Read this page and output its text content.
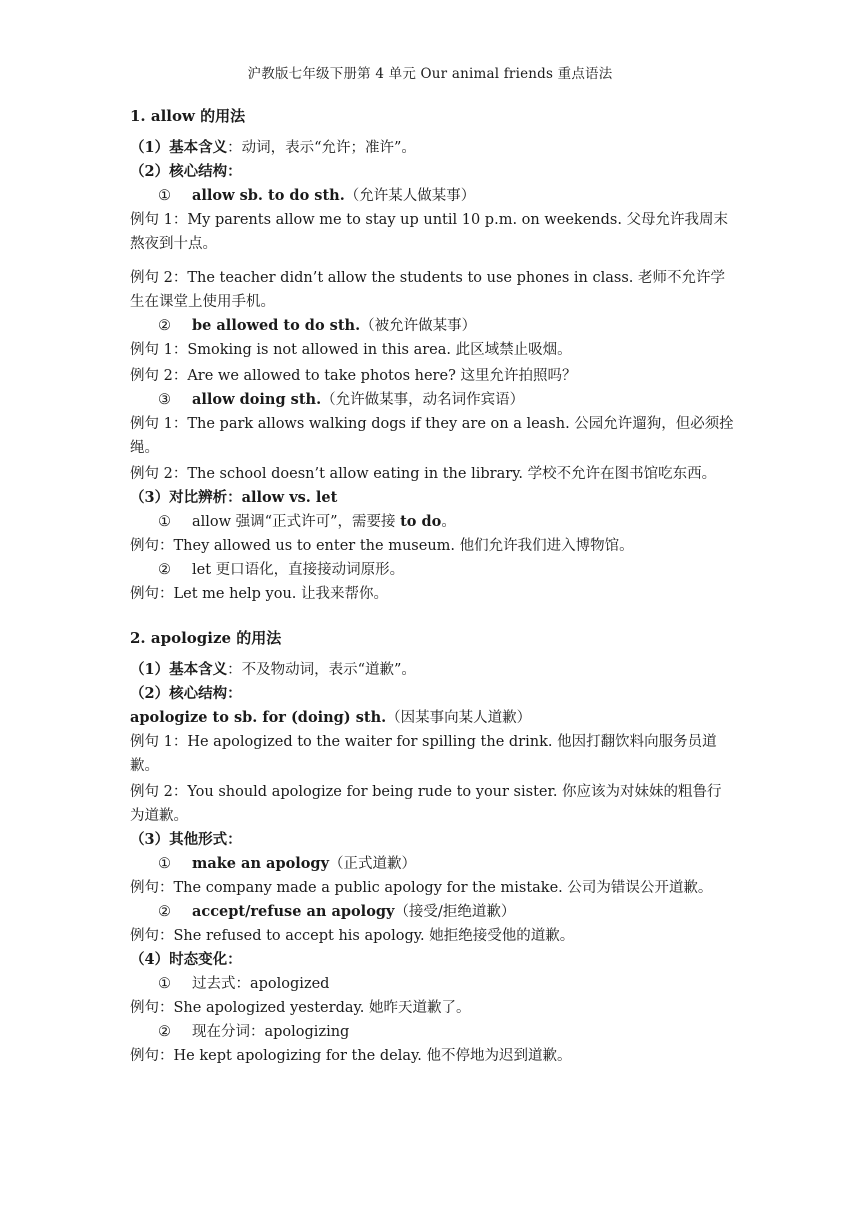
沪教版七年级下册第 4 单元 Our animal friends 重点语法

1. allow 的用法

（1）基本含义：动词，表示“允许；准许”。

（2）核心结构：

① allow sb. to do sth.（允许某人做某事）

例句 1：My parents allow me to stay up until 10 p.m. on weekends. 父母允许我周末熬夜到十点。

例句 2：The teacher didn’t allow the students to use phones in class. 老师不允许学生在课堂上使用手机。

② be allowed to do sth.（被允许做某事）

例句 1：Smoking is not allowed in this area. 此区域禁止吸烟。

例句 2：Are we allowed to take photos here? 这里允许拍照吗？

③ allow doing sth.（允许做某事，动名词作宾语）

例句 1：The park allows walking dogs if they are on a leash. 公园允许遛狗，但必须拴绳。

例句 2：The school doesn’t allow eating in the library. 学校不允许在图书馆吃东西。

（3）对比辨析：allow vs. let

① allow 强调“正式许可”，需要接 to do。

例句：They allowed us to enter the museum. 他们允许我们进入博物馆。

② let 更口语化，直接接动词原形。

例句：Let me help you. 让我来帮你。

2. apologize 的用法

（1）基本含义：不及物动词，表示“道歉”。

（2）核心结构：

apologize to sb. for (doing) sth.（因某事向某人道歉）

例句 1：He apologized to the waiter for spilling the drink. 他因打翻饮料向服务员道歉。

例句 2：You should apologize for being rude to your sister. 你应该为对妹妹的粗鲁行为道歉。

（3）其他形式：

① make an apology（正式道歉）

例句：The company made a public apology for the mistake. 公司为错误公开道歉。

② accept/refuse an apology（接受/拒绝道歉）

例句：She refused to accept his apology. 她拒绝接受他的道歉。

（4）时态变化：

① 过去式：apologized

例句：She apologized yesterday. 她昨天道歉了。

② 现在分词：apologizing

例句：He kept apologizing for the delay. 他不停地为迟到道歉。
